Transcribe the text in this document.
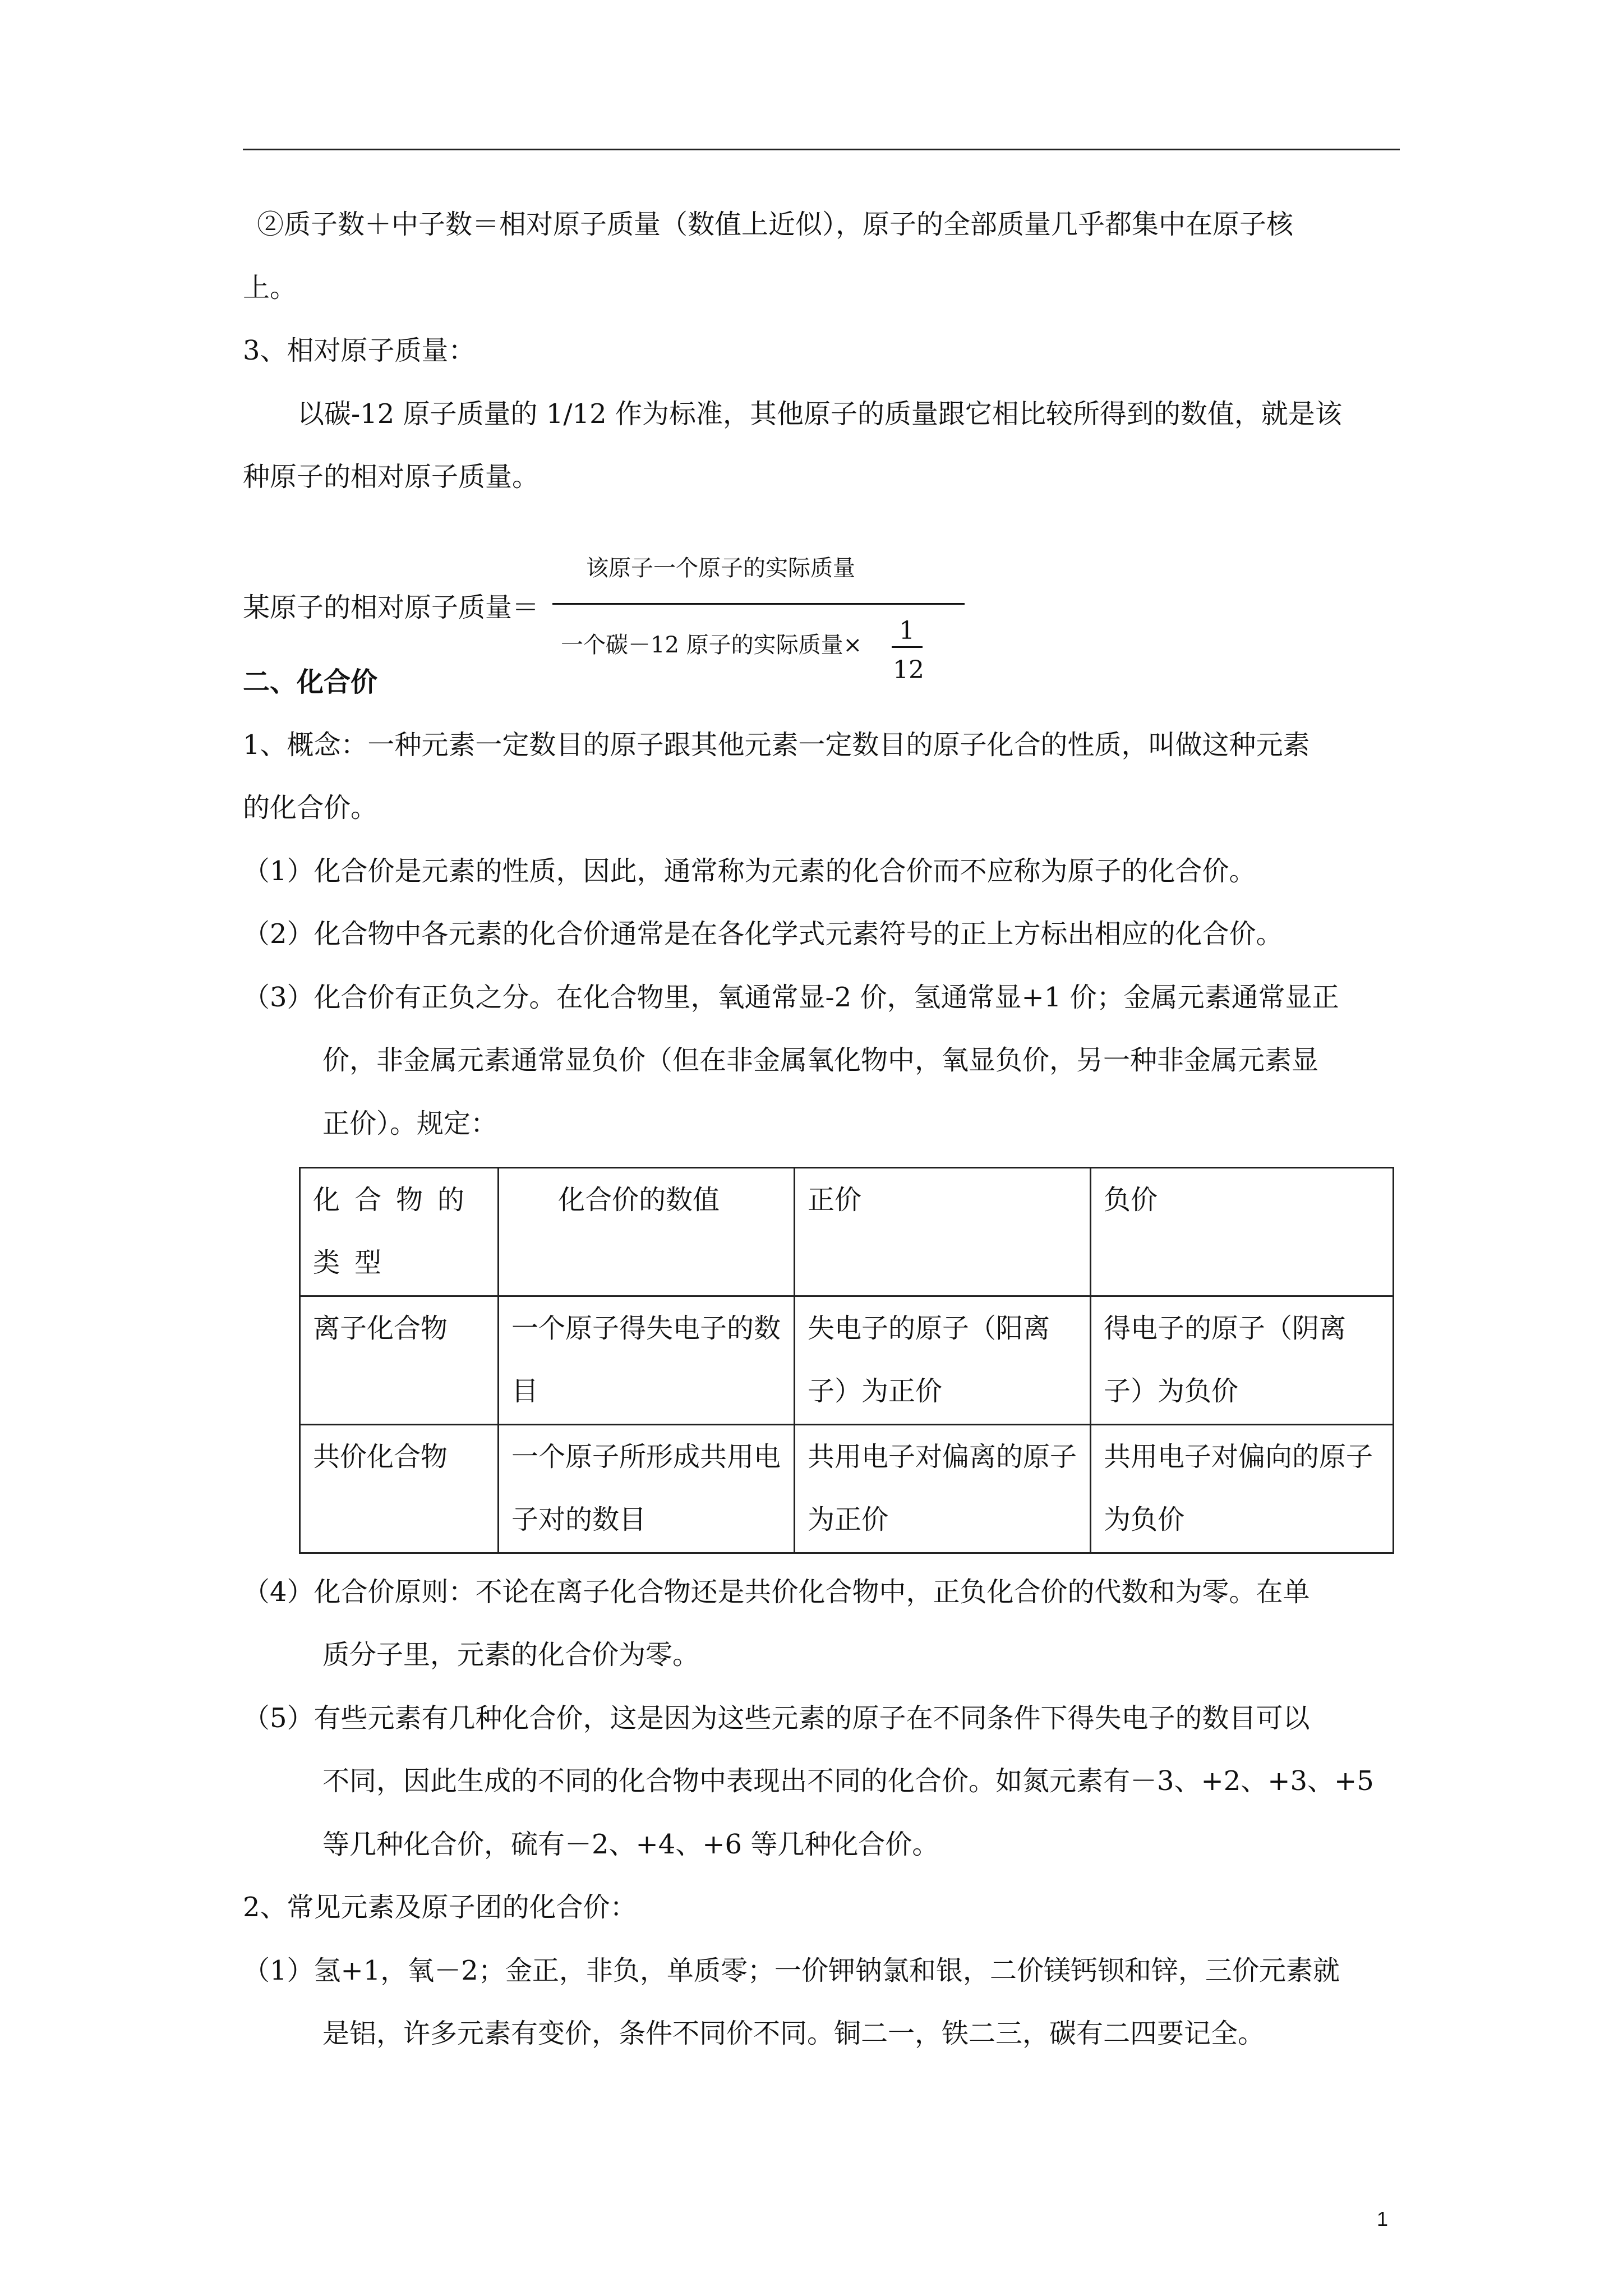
②质子数＋中子数＝相对原子质量（数值上近似），原子的全部质量几乎都集中在原子核
上。
3、相对原子质量：
以碳-12 原子质量的 1/12 作为标准，其他原子的质量跟它相比较所得到的数值，就是该
种原子的相对原子质量。
该原子一个原子的实际质量
某原子的相对原子质量＝
一个碳－12 原子的实际质量× 1
12
二、化合价
1、概念：一种元素一定数目的原子跟其他元素一定数目的原子化合的性质，叫做这种元素
的化合价。
（1）化合价是元素的性质，因此，通常称为元素的化合价而不应称为原子的化合价。
（2）化合物中各元素的化合价通常是在各化学式元素符号的正上方标出相应的化合价。
（3）化合价有正负之分。在化合物里，氧通常显-2 价，氢通常显+1 价；金属元素通常显正
价，非金属元素通常显负价（但在非金属氧化物中，氧显负价，另一种非金属元素显
正价）。规定：
化合物的类型	化合价的数值	正价	负价
离子化合物	一个原子得失电子的数目	失电子的原子（阳离子）为正价	得电子的原子（阴离子）为负价
共价化合物	一个原子所形成共用电子对的数目	共用电子对偏离的原子为正价	共用电子对偏向的原子为负价
（4）化合价原则：不论在离子化合物还是共价化合物中，正负化合价的代数和为零。在单
质分子里，元素的化合价为零。
（5）有些元素有几种化合价，这是因为这些元素的原子在不同条件下得失电子的数目可以
不同，因此生成的不同的化合物中表现出不同的化合价。如氮元素有－3、+2、+3、+5
等几种化合价，硫有－2、+4、+6 等几种化合价。
2、常见元素及原子团的化合价：
（1）氢+1，氧－2；金正，非负，单质零；一价钾钠氯和银，二价镁钙钡和锌，三价元素就
是铝，许多元素有变价，条件不同价不同。铜二一，铁二三，碳有二四要记全。
1
